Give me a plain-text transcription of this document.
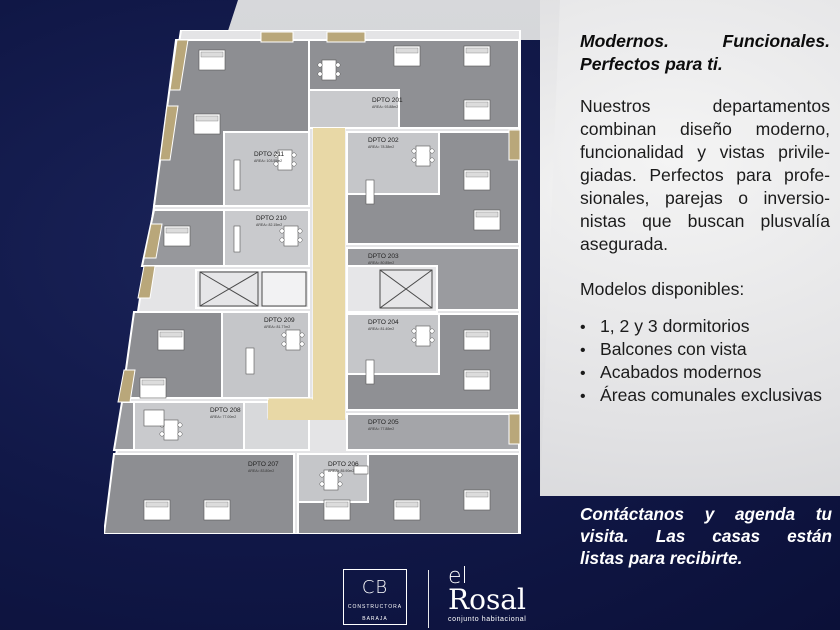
DPTO 201
AREA= 93.88m2
DPTO 202
AREA= 78.38m2
DPTO 203
AREA= 80.85m2
DPTO 204
AREA= 81.40m2
DPTO 205
AREA= 77.88m2
DPTO 206
AREA= 85.90m2
DPTO 207
AREA= 83.80m2
DPTO 208
AREA= 77.00m2
DPTO 209
AREA= 81.77m2
DPTO 210
AREA= 82.15m2
DPTO 211
AREA= 103.55m2
Modernos.	Funcionales.
Perfectos para ti.
Nuestros	departamentos
combinan diseño moderno,
funcionalidad y vistas privile-
giadas. Perfectos para profe-
sionales, parejas o inversio-
nistas que buscan plusvalía
asegurada.
Modelos disponibles:
• 1, 2 y 3 dormitorios
• Balcones con vista
• Acabados modernos
• Áreas comunales exclusivas
Contáctanos y agenda tu
visita. Las casas están
listas para recibirte.
CB
CONSTRUCTORA
BARAJA
el
Rosal
conjunto habitacional
